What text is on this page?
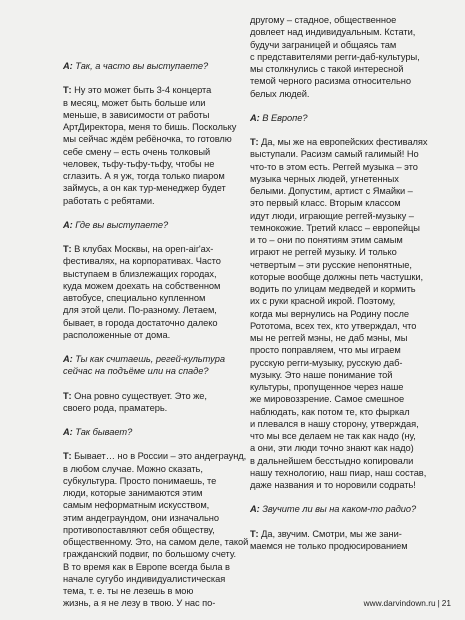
А: Так, а часто вы выступаете?
Т: Ну это может быть 3-4 концерта
в месяц, может быть больше или
меньше, в зависимости от работы
АртДиректора, меня то бишь. Поскольку
мы сейчас ждём ребёночка, то готовлю
себе смену – есть очень толковый
человек, тьфу-тьфу-тьфу, чтобы не
сглазить. А я уж, тогда только пиаром
займусь, а он как тур-менеджер будет
работать с ребятами.
А: Где вы выступаете?
Т: В клубах Москвы, на open-air'ах-
фестивалях, на корпоративах. Часто
выступаем в близлежащих городах,
куда можем доехать на собственном
автобусе, специально купленном
для этой цели. По-разному. Летаем,
бывает, в города достаточно далеко
расположенные от дома.
А: Ты как считаешь, регей-культура
сейчас на подъёме или на спаде?
Т: Она ровно существует. Это же,
своего рода, праматерь.
А: Так бывает?
Т: Бывает… но в России – это андеграунд,
в любом случае. Можно сказать,
субкультура. Просто понимаешь, те
люди, которые занимаются этим
самым неформатным искусством,
этим андеграундом, они изначально
противопоставляют себя обществу,
общественному. Это, на самом деле, такой
гражданский подвиг, по большому счету.
В то время как в Европе всегда была в
начале сугубо индивидуалистическая
тема, т. е. ты не лезешь в мою
жизнь, а я не лезу в твою. У нас по-
другому – стадное, общественное
довлеет над индивидуальным. Кстати,
будучи заграницей и общаясь там
с представителями регги-даб-культуры,
мы столкнулись с такой интересной
темой черного расизма относительно
белых людей.
А: В Европе?
Т: Да, мы же на европейских фестивалях
выступали. Расизм самый галимый! Но
что-то в этом есть. Реггей музыка – это
музыка черных людей, угнетенных
белыми. Допустим, артист с Ямайки –
это первый класс. Вторым классом
идут люди, играющие реггей-музыку –
темнокожие. Третий класс – европейцы
и то – они по понятиям этим самым
играют не реггей музыку. И только
четвертым – эти русские непонятные,
которые вообще должны петь частушки,
водить по улицам медведей и кормить
их с руки красной икрой. Поэтому,
когда мы вернулись на Родину после
Рототома, всех тех, кто утверждал, что
мы не реггей мэны, не даб мэны, мы
просто поправляем, что мы играем
русскую регги-музыку, русскую даб-
музыку. Это наше понимание той
культуры, пропущенное через наше
же мировоззрение. Самое смешное
наблюдать, как потом те, кто фыркал
и плевался в нашу сторону, утверждая,
что мы все делаем не так как надо (ну,
а они, эти люди точно знают как надо)
в дальнейшем беcстыдно копировали
нашу технологию, наш пиар, наш состав,
даже названия и то норовили содрать!
А: Звучите ли вы на каком-то радио?
Т: Да, звучим. Смотри, мы же зани-
маемся не только продюсированием
www.darvindown.ru | 21
